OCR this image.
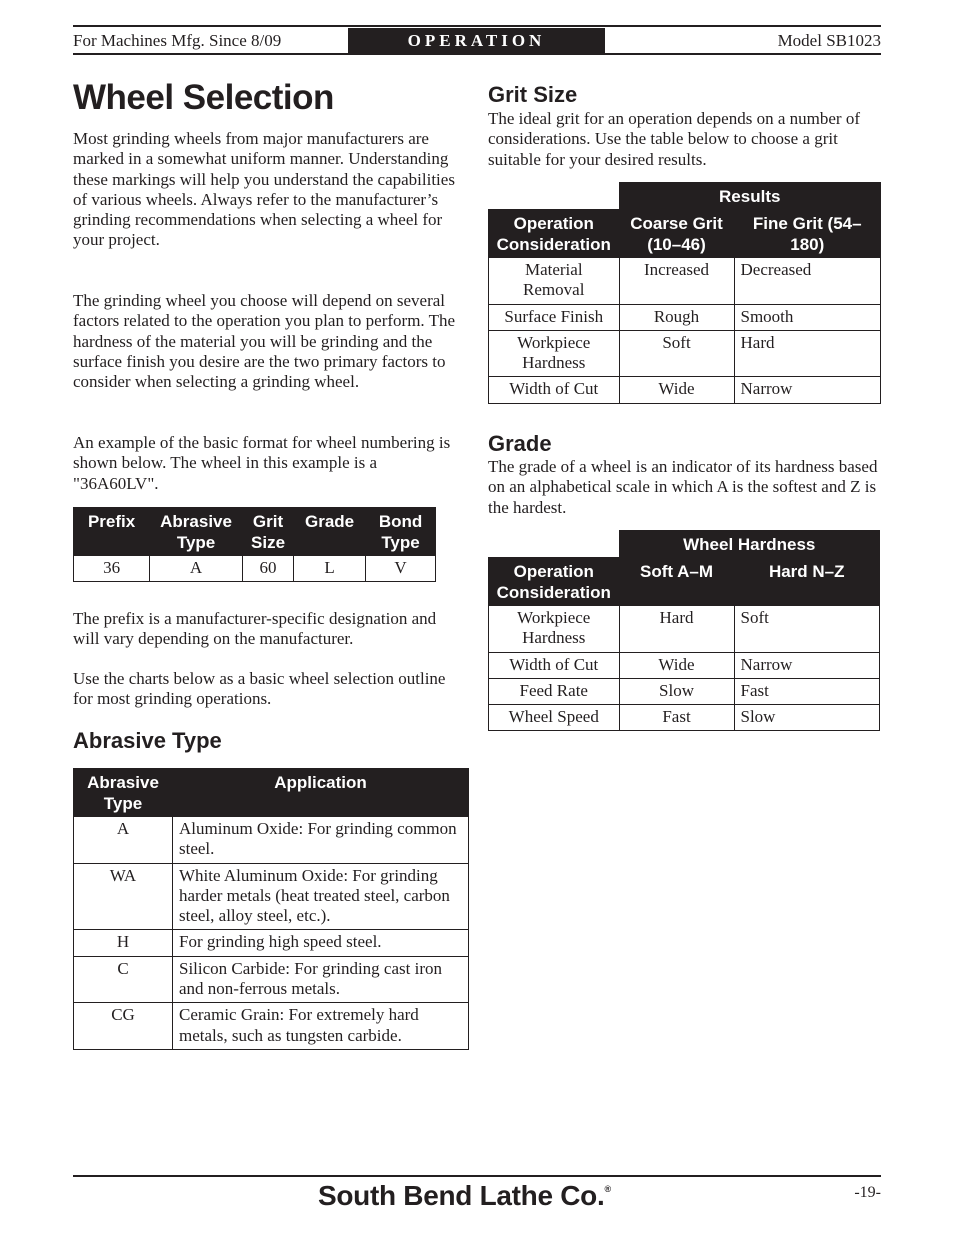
For Machines Mfg. Since 8/09	OPERATION	Model SB1023
Wheel Selection
Most grinding wheels from major manufacturers are marked in a somewhat uniform manner. Understanding these markings will help you understand the capabilities of various wheels. Always refer to the manufacturer’s grinding recommendations when selecting a wheel for your project.
The grinding wheel you choose will depend on several factors related to the operation you plan to perform. The hardness of the material you will be grinding and the surface finish you desire are the two primary factors to consider when selecting a grinding wheel.
An example of the basic format for wheel numbering is shown below. The wheel in this example is a "36A60LV".
Prefix	Abrasive Type	Grit Size	Grade	Bond Type
36	A	60	L	V
The prefix is a manufacturer-specific designation and will vary depending on the manufacturer.
Use the charts below as a basic wheel selection outline for most grinding operations.
Abrasive Type
Abrasive Type	Application
A	Aluminum Oxide: For grinding common steel.
WA	White Aluminum Oxide: For grinding harder metals (heat treated steel, carbon steel, alloy steel, etc.).
H	For grinding high speed steel.
C	Silicon Carbide: For grinding cast iron and non-ferrous metals.
CG	Ceramic Grain: For extremely hard metals, such as tungsten carbide.
Grit Size
The ideal grit for an operation depends on a number of considerations. Use the table below to choose a grit suitable for your desired results.
	Results	
Operation Consideration	Coarse Grit (10–46)	Fine Grit (54–180)
Material Removal	Increased	Decreased
Surface Finish	Rough	Smooth
Workpiece Hardness	Soft	Hard
Width of Cut	Wide	Narrow
Grade
The grade of a wheel is an indicator of its hardness based on an alphabetical scale in which A is the softest and Z is the hardest.
	Wheel Hardness	
Operation Consideration	Soft A–M	Hard N–Z
Workpiece Hardness	Hard	Soft
Width of Cut	Wide	Narrow
Feed Rate	Slow	Fast
Wheel Speed	Fast	Slow
South Bend Lathe Co.®	-19-
